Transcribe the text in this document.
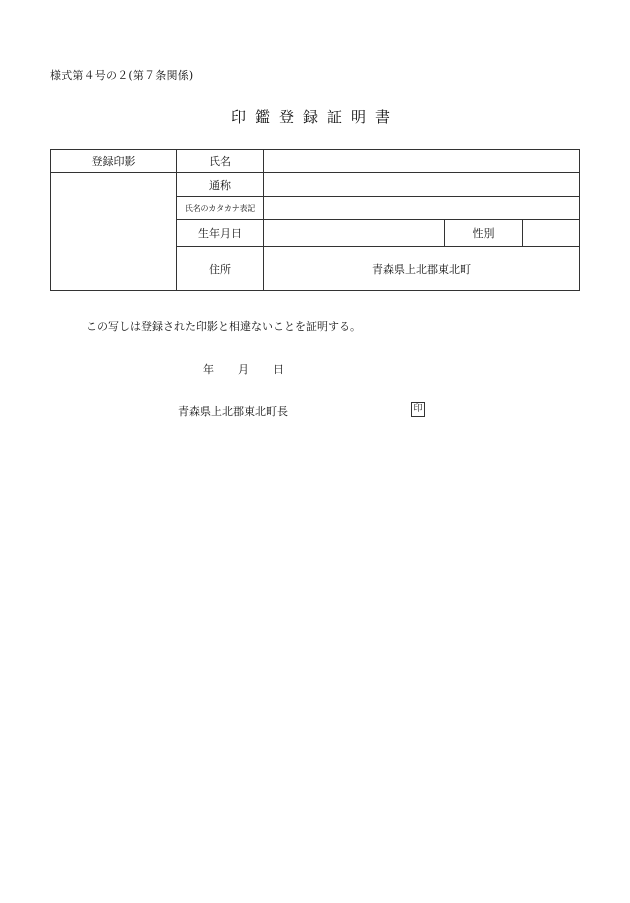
様式第４号の２(第７条関係)
印鑑登録証明書
登録印影	氏名			
	通称			
	氏名のカタカナ表記			
	生年月日		性別	
	住所	青森県上北郡東北町		
この写しは登録された印影と相違ないことを証明する。
年 月 日
青森県上北郡東北町長	印
